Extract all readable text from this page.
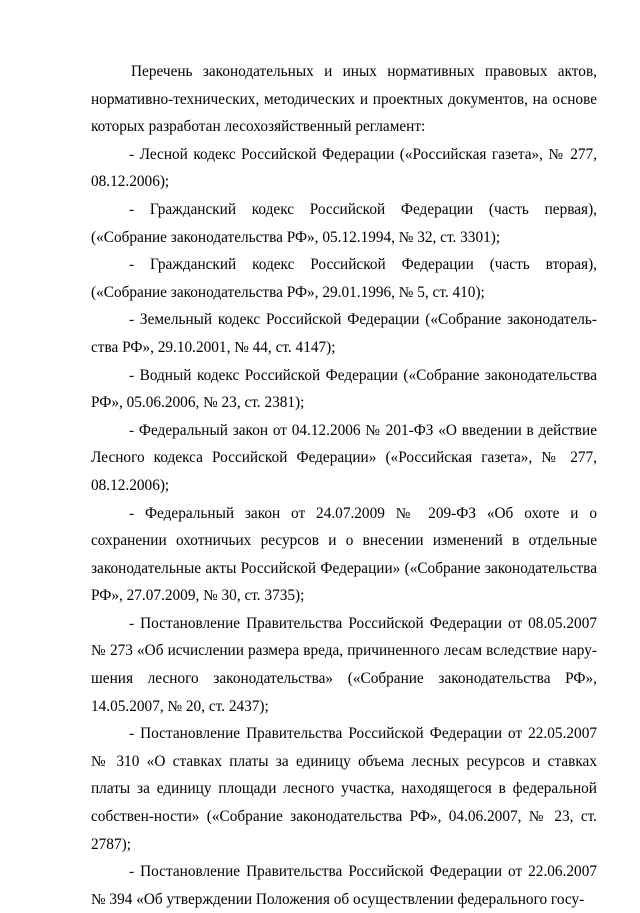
Перечень законодательных и иных нормативных правовых актов, нормативно-технических, методических и проектных документов, на основе которых разработан лесохозяйственный регламент:

- Лесной кодекс Российской Федерации («Российская газета», № 277, 08.12.2006);

- Гражданский кодекс Российской Федерации (часть первая), («Собрание законодательства РФ», 05.12.1994, № 32, ст. 3301);

- Гражданский кодекс Российской Федерации (часть вторая), («Собрание законодательства РФ», 29.01.1996, № 5, ст. 410);

- Земельный кодекс Российской Федерации («Собрание законодатель-ства РФ», 29.10.2001, № 44, ст. 4147);

- Водный кодекс Российской Федерации («Собрание законодательства РФ», 05.06.2006, № 23, ст. 2381);

- Федеральный закон от 04.12.2006 № 201-ФЗ «О введении в действие Лесного кодекса Российской Федерации» («Российская газета», № 277, 08.12.2006);

- Федеральный закон от 24.07.2009 № 209-ФЗ «Об охоте и о сохранении охотничьих ресурсов и о внесении изменений в отдельные законодательные акты Российской Федерации» («Собрание законодательства РФ», 27.07.2009, № 30, ст. 3735);

- Постановление Правительства Российской Федерации от 08.05.2007 № 273 «Об исчислении размера вреда, причиненного лесам вследствие нару-шения лесного законодательства» («Собрание законодательства РФ», 14.05.2007, № 20, ст. 2437);

- Постановление Правительства Российской Федерации от 22.05.2007 № 310 «О ставках платы за единицу объема лесных ресурсов и ставках платы за единицу площади лесного участка, находящегося в федеральной собствен-ности» («Собрание законодательства РФ», 04.06.2007, № 23, ст. 2787);

- Постановление Правительства Российской Федерации от 22.06.2007 № 394 «Об утверждении Положения об осуществлении федерального госу-
